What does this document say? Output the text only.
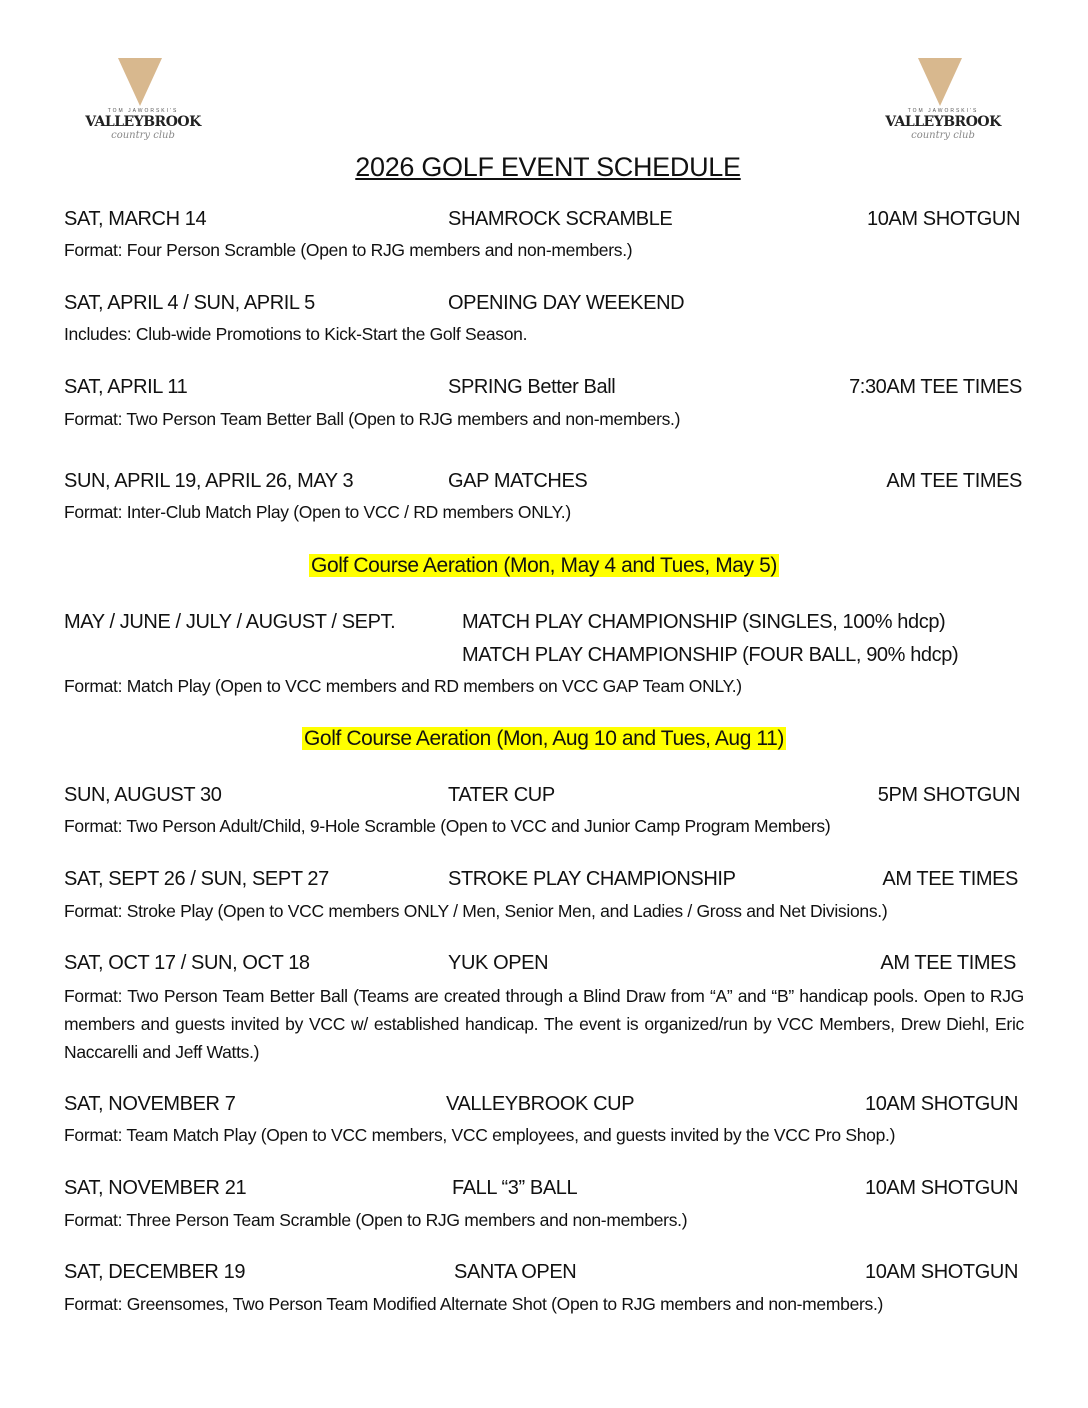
TOM JAWORSKI'S
VALLEYBROOK
country club
TOM JAWORSKI'S
VALLEYBROOK
country club
2026 GOLF EVENT SCHEDULE
SAT, MARCH 14	SHAMROCK SCRAMBLE	10AM SHOTGUN
Format: Four Person Scramble (Open to RJG members and non-members.)
SAT, APRIL 4 / SUN, APRIL 5	OPENING DAY WEEKEND
Includes: Club-wide Promotions to Kick-Start the Golf Season.
SAT, APRIL 11	SPRING Better Ball	7:30AM TEE TIMES
Format: Two Person Team Better Ball (Open to RJG members and non-members.)
SUN, APRIL 19, APRIL 26, MAY 3	GAP MATCHES	AM TEE TIMES
Format: Inter-Club Match Play (Open to VCC / RD members ONLY.)
Golf Course Aeration (Mon, May 4 and Tues, May 5)
MAY / JUNE / JULY / AUGUST / SEPT.	MATCH PLAY CHAMPIONSHIP (SINGLES, 100% hdcp)
MATCH PLAY CHAMPIONSHIP (FOUR BALL, 90% hdcp)
Format: Match Play (Open to VCC members and RD members on VCC GAP Team ONLY.)
Golf Course Aeration (Mon, Aug 10 and Tues, Aug 11)
SUN, AUGUST 30	TATER CUP	5PM SHOTGUN
Format: Two Person Adult/Child, 9-Hole Scramble (Open to VCC and Junior Camp Program Members)
SAT, SEPT 26 / SUN, SEPT 27	STROKE PLAY CHAMPIONSHIP	AM TEE TIMES
Format: Stroke Play (Open to VCC members ONLY / Men, Senior Men, and Ladies / Gross and Net Divisions.)
SAT, OCT 17 / SUN, OCT 18	YUK OPEN	AM TEE TIMES
Format: Two Person Team Better Ball (Teams are created through a Blind Draw from “A” and “B” handicap pools. Open to RJG members and guests invited by VCC w/ established handicap. The event is organized/run by VCC Members, Drew Diehl, Eric Naccarelli and Jeff Watts.)
SAT, NOVEMBER 7	VALLEYBROOK CUP	10AM SHOTGUN
Format: Team Match Play (Open to VCC members, VCC employees, and guests invited by the VCC Pro Shop.)
SAT, NOVEMBER 21	FALL “3” BALL	10AM SHOTGUN
Format: Three Person Team Scramble (Open to RJG members and non-members.)
SAT, DECEMBER 19	SANTA OPEN	10AM SHOTGUN
Format: Greensomes, Two Person Team Modified Alternate Shot (Open to RJG members and non-members.)
